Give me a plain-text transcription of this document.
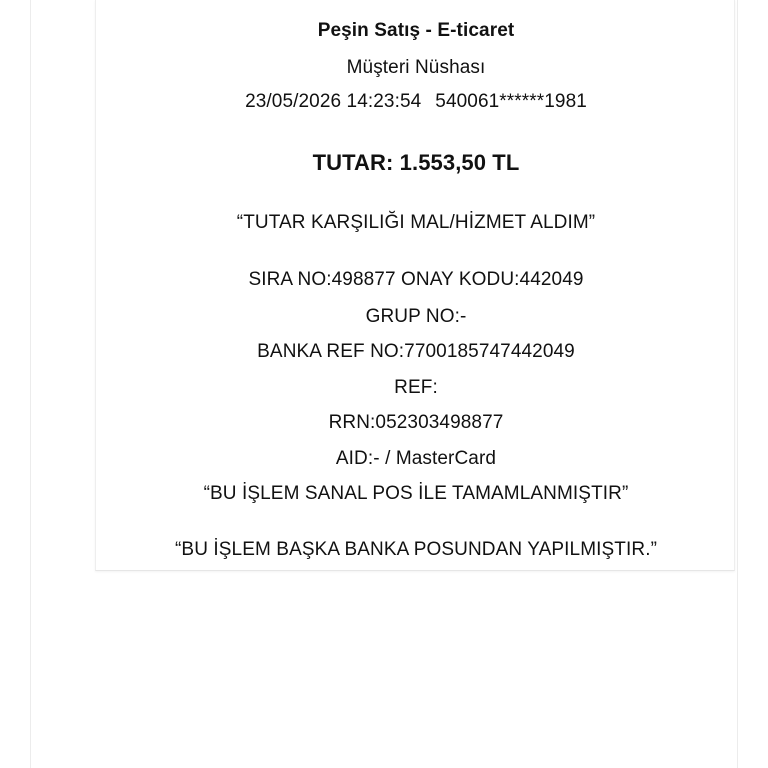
Peşin Satış - E-ticaret
Müşteri Nüshası
23/05/2026 14:23:54 540061******1981
TUTAR: 1.553,50 TL
“TUTAR KARŞILIĞI MAL/HİZMET ALDIM”
SIRA NO:498877 ONAY KODU:442049
GRUP NO:-
BANKA REF NO:7700185747442049
REF:
RRN:052303498877
AID:- / MasterCard
“BU İŞLEM SANAL POS İLE TAMAMLANMIŞTIR”
“BU İŞLEM BAŞKA BANKA POSUNDAN YAPILMIŞTIR.”
